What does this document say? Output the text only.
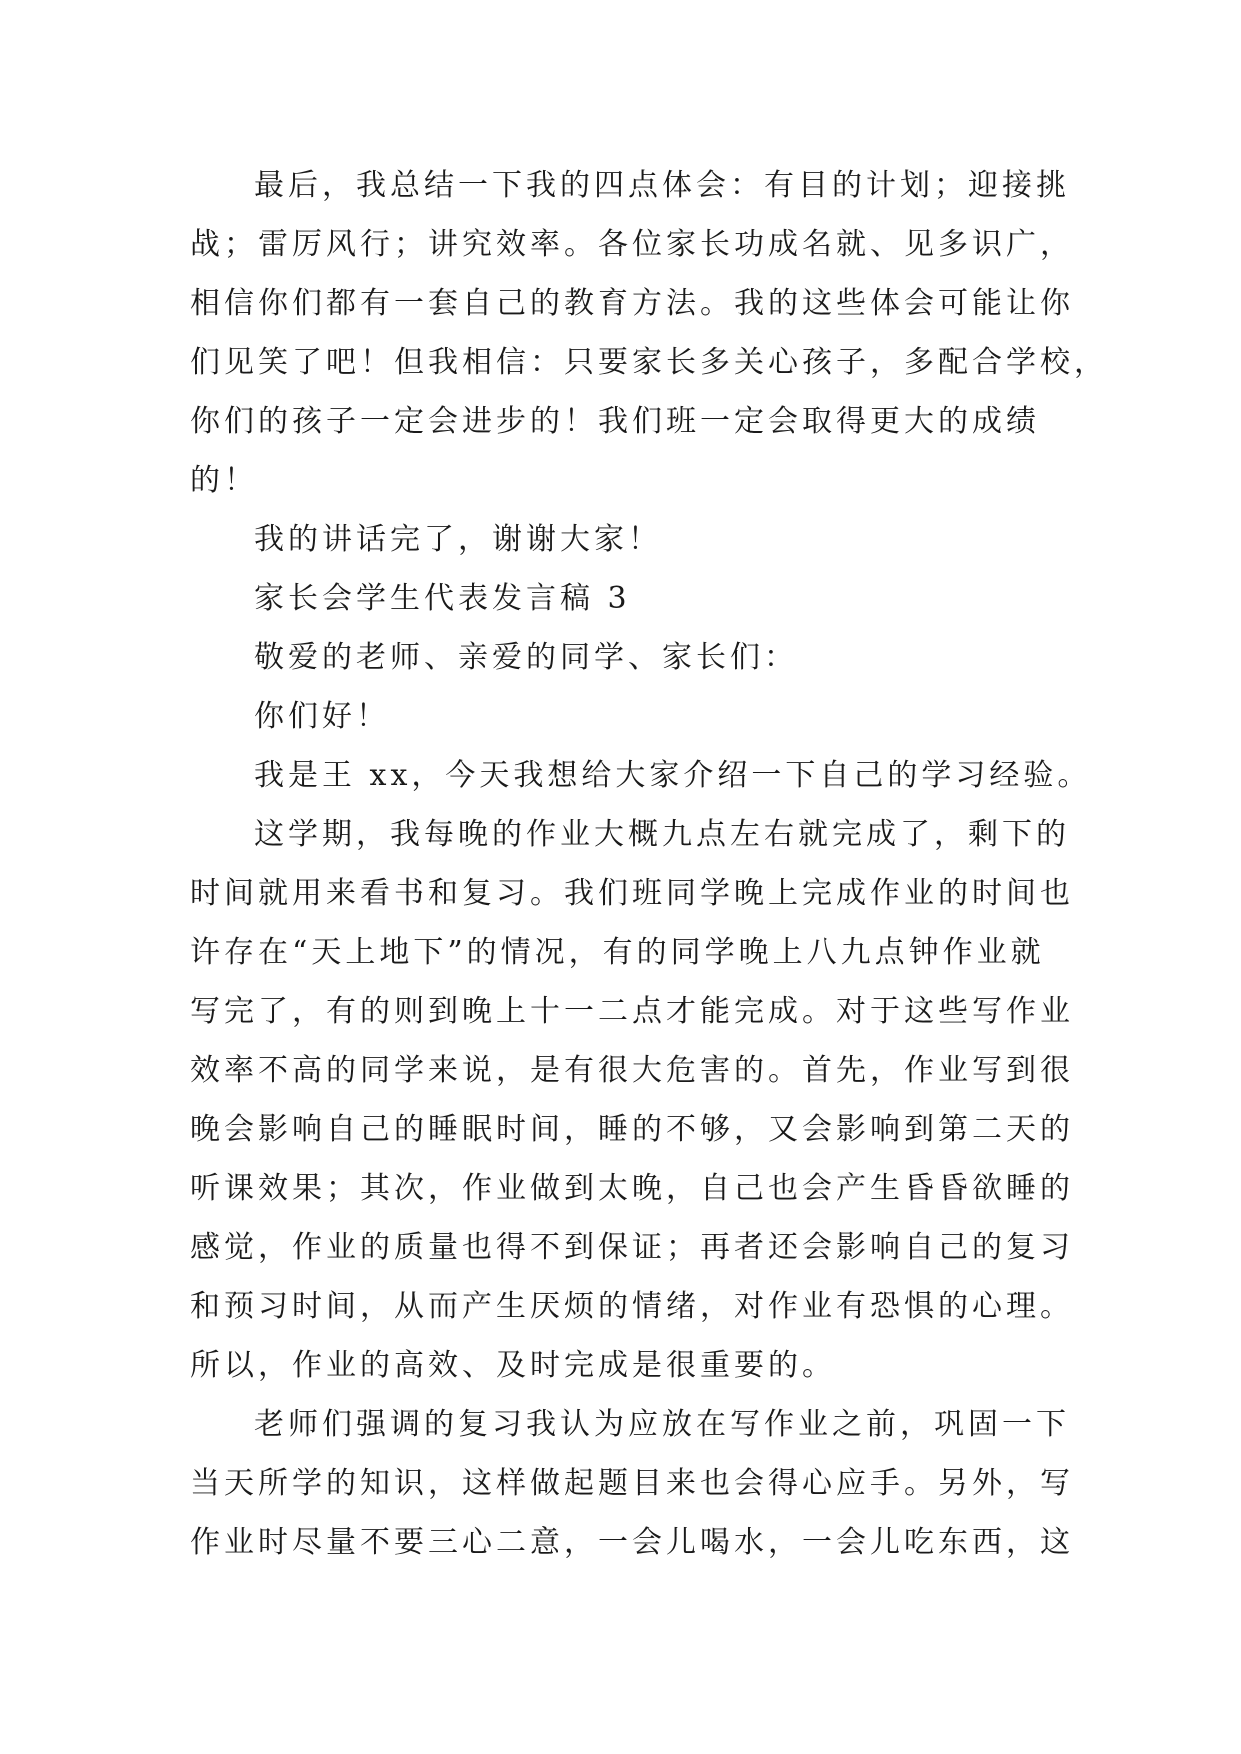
最后，我总结一下我的四点体会：有目的计划；迎接挑
战；雷厉风行；讲究效率。各位家长功成名就、见多识广，
相信你们都有一套自己的教育方法。我的这些体会可能让你
们见笑了吧！但我相信：只要家长多关心孩子，多配合学校，
你们的孩子一定会进步的！我们班一定会取得更大的成绩
的！

我的讲话完了，谢谢大家！

家长会学生代表发言稿 3

敬爱的老师、亲爱的同学、家长们：

你们好！

我是王 xx，今天我想给大家介绍一下自己的学习经验。

这学期，我每晚的作业大概九点左右就完成了，剩下的
时间就用来看书和复习。我们班同学晚上完成作业的时间也
许存在“天上地下”的情况，有的同学晚上八九点钟作业就
写完了，有的则到晚上十一二点才能完成。对于这些写作业
效率不高的同学来说，是有很大危害的。首先，作业写到很
晚会影响自己的睡眠时间，睡的不够，又会影响到第二天的
听课效果；其次，作业做到太晚，自己也会产生昏昏欲睡的
感觉，作业的质量也得不到保证；再者还会影响自己的复习
和预习时间，从而产生厌烦的情绪，对作业有恐惧的心理。
所以，作业的高效、及时完成是很重要的。

老师们强调的复习我认为应放在写作业之前，巩固一下
当天所学的知识，这样做起题目来也会得心应手。另外，写
作业时尽量不要三心二意，一会儿喝水，一会儿吃东西，这
